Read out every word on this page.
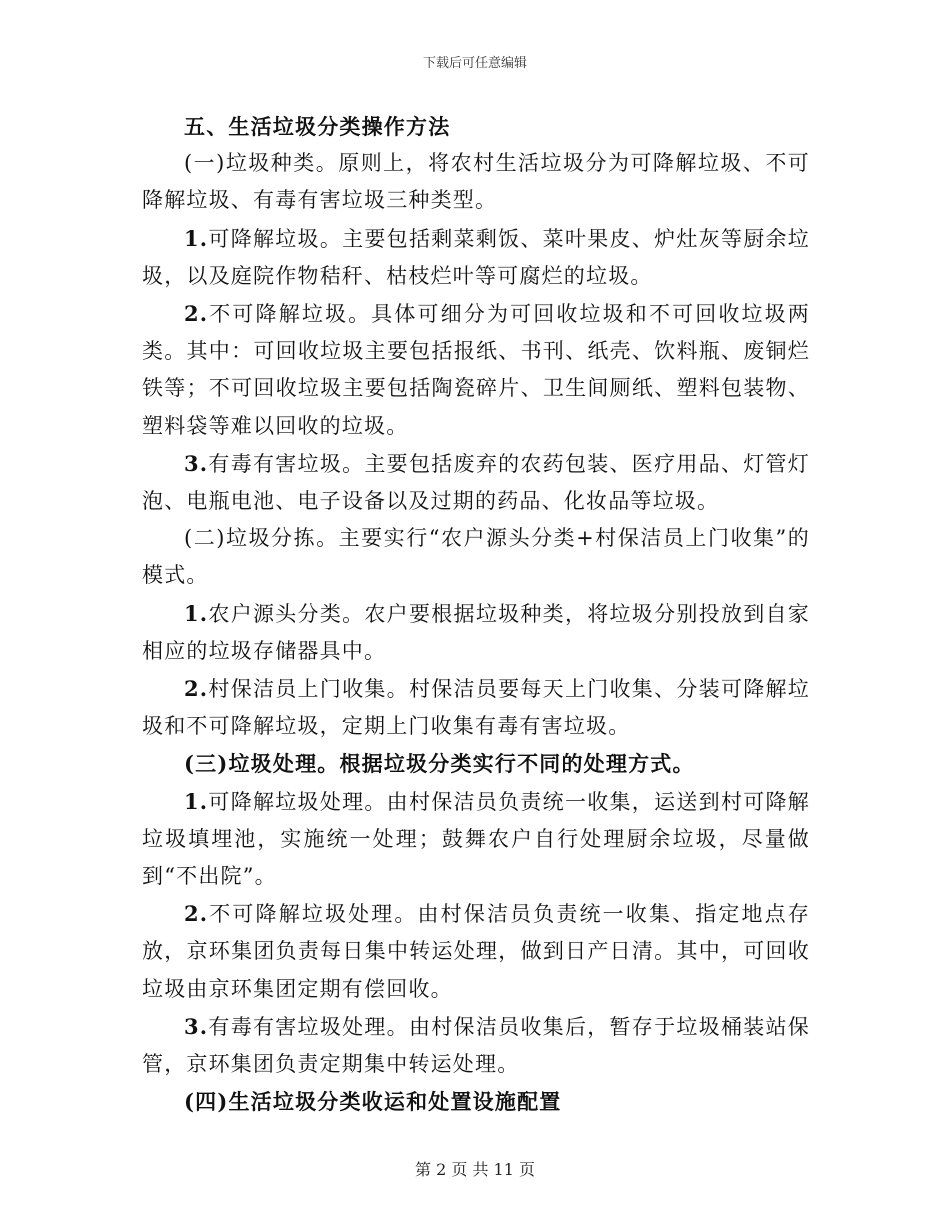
下载后可任意编辑

五、生活垃圾分类操作方法

(一)垃圾种类。原则上，将农村生活垃圾分为可降解垃圾、不可降解垃圾、有毒有害垃圾三种类型。

1.可降解垃圾。主要包括剩菜剩饭、菜叶果皮、炉灶灰等厨余垃圾，以及庭院作物秸秆、枯枝烂叶等可腐烂的垃圾。

2.不可降解垃圾。具体可细分为可回收垃圾和不可回收垃圾两类。其中：可回收垃圾主要包括报纸、书刊、纸壳、饮料瓶、废铜烂铁等；不可回收垃圾主要包括陶瓷碎片、卫生间厕纸、塑料包装物、塑料袋等难以回收的垃圾。

3.有毒有害垃圾。主要包括废弃的农药包装、医疗用品、灯管灯泡、电瓶电池、电子设备以及过期的药品、化妆品等垃圾。

(二)垃圾分拣。主要实行“农户源头分类+村保洁员上门收集”的模式。

1.农户源头分类。农户要根据垃圾种类，将垃圾分别投放到自家相应的垃圾存储器具中。

2.村保洁员上门收集。村保洁员要每天上门收集、分装可降解垃圾和不可降解垃圾，定期上门收集有毒有害垃圾。

(三)垃圾处理。根据垃圾分类实行不同的处理方式。

1.可降解垃圾处理。由村保洁员负责统一收集，运送到村可降解垃圾填埋池，实施统一处理；鼓舞农户自行处理厨余垃圾，尽量做到“不出院”。

2.不可降解垃圾处理。由村保洁员负责统一收集、指定地点存放，京环集团负责每日集中转运处理，做到日产日清。其中，可回收垃圾由京环集团定期有偿回收。

3.有毒有害垃圾处理。由村保洁员收集后，暂存于垃圾桶装站保管，京环集团负责定期集中转运处理。

(四)生活垃圾分类收运和处置设施配置

第 2 页 共 11 页
